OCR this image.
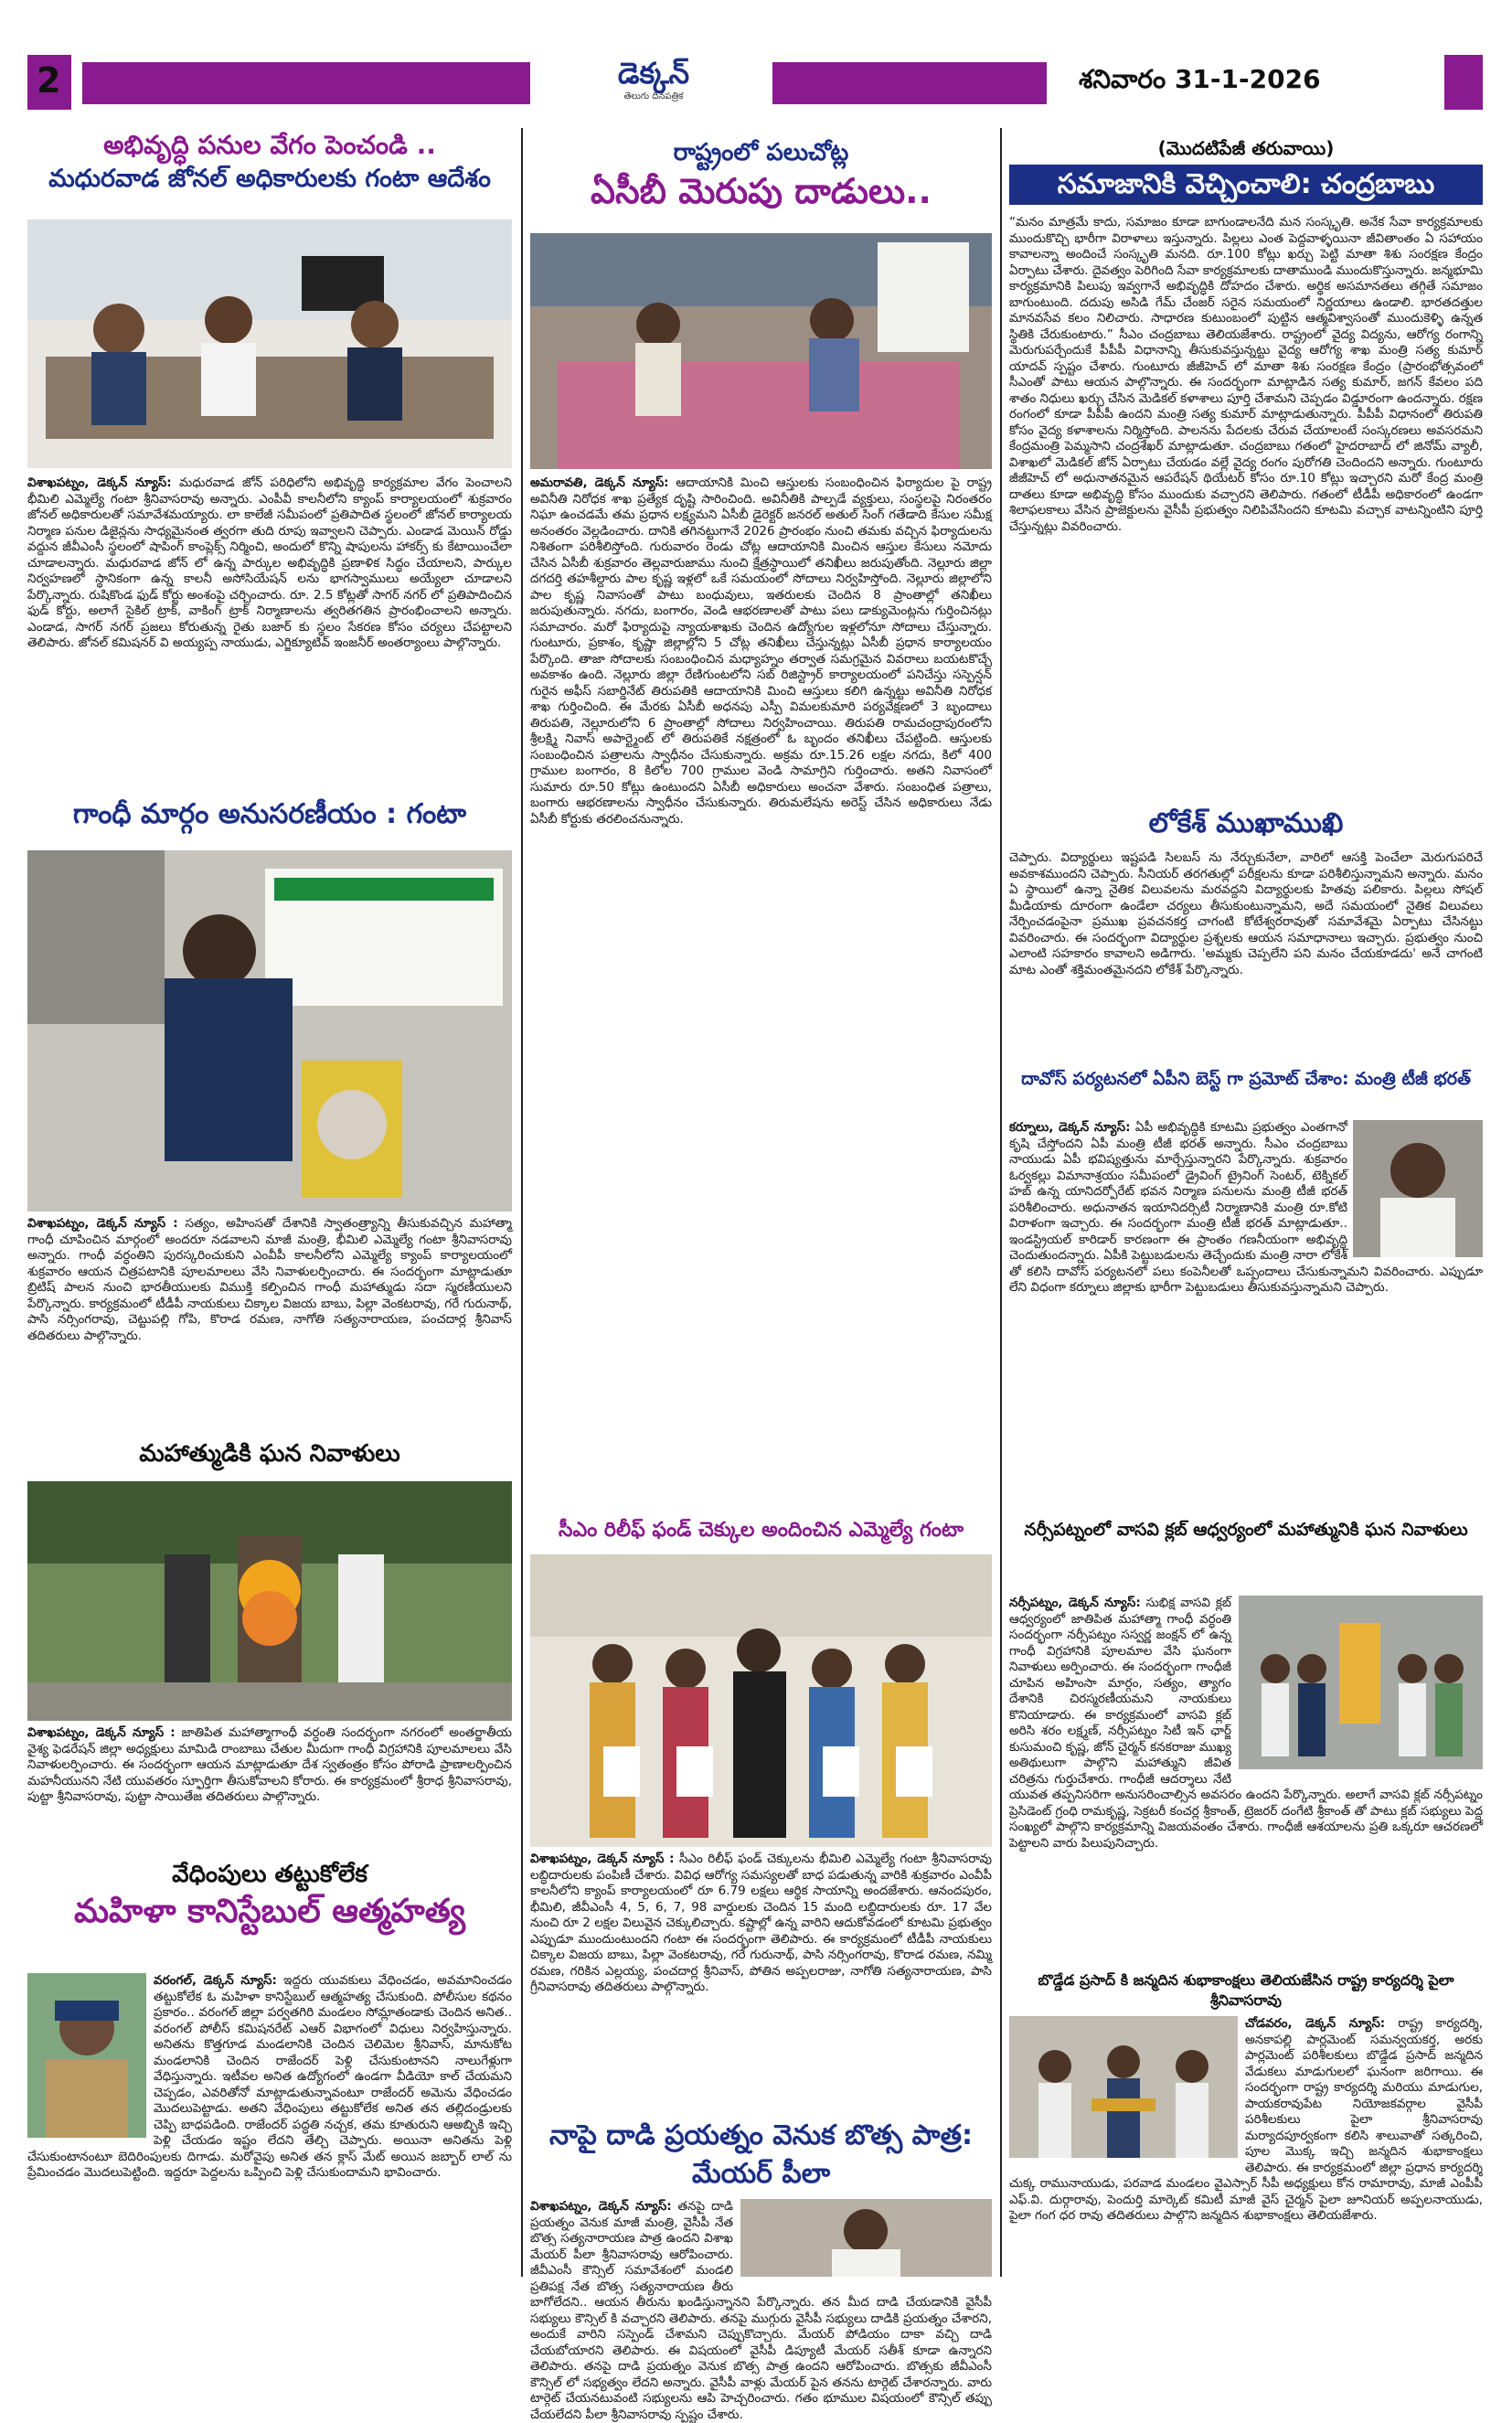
2	డెక్కన్
తెలుగు దినపత్రిక
శనివారం 31-1-2026
అభివృద్ధి పనుల వేగం పెంచండి ..
మధురవాడ జోనల్ అధికారులకు గంటా ఆదేశం
విశాఖపట్నం, డెక్కన్ న్యూస్: మధురవాడ జోన్ పరిధిలోని అభివృద్ధి కార్యక్రమాల వేగం పెంచాలని భీమిలి ఎమ్మెల్యే గంటా శ్రీనివాసరావు అన్నారు. ఎంపీవీ కాలనీలోని క్యాంప్ కార్యాలయంలో శుక్రవారం జోనల్ అధికారులతో సమావేశమయ్యారు. లా కాలేజీ సమీపంలో ప్రతిపాదిత స్థలంలో జోనల్ కార్యాలయ నిర్మాణ పనుల డిజైన్లను సాధ్యమైనంత త్వరగా తుది రూపు ఇవ్వాలని చెప్పారు. ఎండాడ మెయిన్ రోడ్డు వద్దున జీవీఎంసీ స్థలంలో షాపింగ్ కాంప్లెక్స్ నిర్మించి, అందులో కొన్ని షాపులను హాకర్స్ కు కేటాయించేలా చూడాలన్నారు. మధురవాడ జోన్ లో ఉన్న పార్కుల అభివృద్ధికి ప్రణాళిక సిద్ధం చేయాలని, పార్కుల నిర్వహణలో స్థానికంగా ఉన్న కాలనీ అసోసియేషన్ లను భాగస్వాములు అయ్యేలా చూడాలని పేర్కొన్నారు. రుషికొండ ఫుడ్ కోర్టు అంశంపై చర్చించారు. రూ. 2.5 కోట్లతో సాగర్ నగర్ లో ప్రతిపాదించిన ఫుడ్ కోర్టు, అలాగే సైకిల్ ట్రాక్, వాకింగ్ ట్రాక్ నిర్మాణాలను త్వరితగతిన ప్రారంభించాలని అన్నారు. ఎండాడ, సాగర్ నగర్ ప్రజలు కోరుతున్న రైతు బజార్ కు స్థలం సేకరణ కోసం చర్యలు చేపట్టాలని తెలిపారు. జోనల్ కమిషనర్ వి అయ్యప్ప నాయుడు, ఎగ్జిక్యూటివ్ ఇంజనీర్ అంతర్యాంలు పాల్గొన్నారు.
గాంధీ మార్గం అనుసరణీయం : గంటా
విశాఖపట్నం, డెక్కన్ న్యూస్ : సత్యం, అహింసతో దేశానికి స్వాతంత్ర్యాన్ని తీసుకువచ్చిన మహాత్మా గాంధీ చూపించిన మార్గంలో అందరూ నడవాలని మాజీ మంత్రి, భీమిలి ఎమ్మెల్యే గంటా శ్రీనివాసరావు అన్నారు. గాంధీ వర్ధంతిని పురస్కరించుకుని ఎంవీపీ కాలనీలోని ఎమ్మెల్యే క్యాంప్ కార్యాలయంలో శుక్రవారం ఆయన చిత్రపటానికి పూలమాలలు వేసి నివాళులర్పించారు. ఈ సందర్భంగా మాట్లాడుతూ బ్రిటిష్ పాలన నుంచి భారతీయులకు విముక్తి కల్పించిన గాంధీ మహాత్ముడు సదా స్మరణీయులని పేర్కొన్నారు. కార్యక్రమంలో టీడీపీ నాయకులు చిక్కాల విజయ బాబు, పిల్లా వెంకటరావు, గరే గురునాథ్, పాసి నర్సింగరావు, చెట్టుపల్లి గోపి, కొరాడ రమణ, నాగోతి సత్యనారాయణ, పంచదార్ల శ్రీనివాస్ తదితరులు పాల్గొన్నారు.
మహాత్ముడికి ఘన నివాళులు
విశాఖపట్నం, డెక్కన్ న్యూస్ : జాతిపిత మహాత్మాగాంధీ వర్ధంతి సందర్భంగా నగరంలో అంతర్జాతీయ వైశ్య ఫెడరేషన్ జిల్లా అధ్యక్షులు మామిడి రాంబాబు చేతుల మీదుగా గాంధీ విగ్రహానికి పూలమాలలు వేసి నివాళులర్పించారు. ఈ సందర్భంగా ఆయన మాట్లాడుతూ దేశ స్వతంత్రం కోసం పోరాడి ప్రాణాలర్పించిన మహనీయునని నేటి యువతరం స్ఫూర్తిగా తీసుకోవాలని కోరారు. ఈ కార్యక్రమంలో శ్రీరాధ శ్రీనివాసరావు, పుట్టా శ్రీనివాసరావు, పుట్టా సాయితేజ తదితరులు పాల్గొన్నారు.
వేధింపులు తట్టుకోలేక
మహిళా కానిస్టేబుల్ ఆత్మహత్య
వరంగల్, డెక్కన్ న్యూస్: ఇద్దరు యువకులు వేధించడం, అవమానించడం తట్టుకోలేక ఓ మహిళా కానిస్టేబుల్ ఆత్మహత్య చేసుకుంది. పోలీసుల కథనం ప్రకారం.. వరంగల్ జిల్లా పర్వతగిరి మండలం సోమ్లాతండాకు చెందిన అనిత.. వరంగల్ పోలీస్ కమిషనరేట్ ఎఆర్ విభాగంలో విధులు నిర్వహిస్తున్నారు. అనితను కొత్తగూడ మండలానికి చెందిన చెలిమెల శ్రీనివాస్, మానుకోట మండలానికి చెందిన రాజేందర్ పెళ్లి చేసుకుంటానని నాలుగేళ్లుగా వేధిస్తున్నారు. ఇటీవల అనిత ఉద్యోగంలో ఉండగా వీడియో కాల్ చేయమని చెప్పడం, ఎవరితోనో మాట్లాడుతున్నావంటూ రాజేందర్ అమెను వేధించడం మొదలుపెట్టాడు. అతని వేధింపులు తట్టుకోలేక అనిత తన తల్లిదండ్రులకు చెప్పి బాధపడింది. రాజేందర్ పద్ధతి నచ్చక, తమ కూతురుని ఆఅబ్బికి ఇచ్చి పెళ్లి చేయడం ఇష్టం లేదని తేల్చి చెప్పారు. అయినా అనితను పెళ్లి చేసుకుంటానంటూ బెదిరింపులకు దిగాడు. మరోవైపు అనిత తన క్లాస్ మేట్ అయిన జబ్బార్ లాల్ ను ప్రేమించడం మొదలుపెట్టింది. ఇద్దరూ పెద్దలను ఒప్పించి పెళ్లి చేసుకుందామని భావించారు.
రాష్ట్రంలో పలుచోట్ల
ఏసీబీ మెరుపు దాడులు..
అమరావతి, డెక్కన్ న్యూస్: ఆదాయానికి మించి ఆస్తులకు సంబంధించిన ఫిర్యాదుల పై రాష్ట్ర అవినీతి నిరోధక శాఖ ప్రత్యేక దృష్టి సారించింది. అవినీతికి పాల్పడే వ్యక్తులు, సంస్థలపై నిరంతరం నిఘా ఉంచడమే తమ ప్రధాన లక్ష్యమని ఏసీబీ డైరెక్టర్ జనరల్ అతుల్ సింగ్ గతేడాది కేసుల సమీక్ష అనంతరం వెల్లడించారు. దానికి తగినట్టుగానే 2026 ప్రారంభం నుంచి తమకు వచ్చిన ఫిర్యాదులను నిశితంగా పరిశీలిస్తోంది. గురువారం రెండు చోట్ల ఆదాయానికి మించిన ఆస్తుల కేసులు నమోదు చేసిన ఏసీబీ శుక్రవారం తెల్లవారుజాము నుంచి క్షేత్రస్థాయిలో తనిఖీలు జరుపుతోంది. నెల్లూరు జిల్లా దగదర్తి తహశీల్దారు పాల కృష్ణ ఇళ్లలో ఒకే సమయంలో సోదాలు నిర్వహిస్తోంది. నెల్లూరు జిల్లాలోని పాల కృష్ణ నివాసంతో పాటు బంధువులు, ఇతరులకు చెందిన 8 ప్రాంతాల్లో తనిఖీలు జరుపుతున్నారు. నగదు, బంగారం, వెండి ఆభరణాలతో పాటు పలు డాక్యుమెంట్లను గుర్తించినట్లు సమాచారం. మరో ఫిర్యాదుపై న్యాయశాఖకు చెందిన ఉద్యోగుల ఇళ్లలోనూ సోదాలు చేస్తున్నారు. గుంటూరు, ప్రకాశం, కృష్ణా జిల్లాల్లోని 5 చోట్ల తనిఖీలు చేస్తున్నట్లు ఏసీబీ ప్రధాన కార్యాలయం పేర్కొంది. తాజా సోదాలకు సంబంధించిన మధ్యాహ్నం తర్వాత సమగ్రమైన వివరాలు బయటకొచ్చే అవకాశం ఉంది. నెల్లూరు జిల్లా రేణిగుంటలోని సబ్ రిజిస్ట్రార్ కార్యాలయంలో పనిచేస్తు సస్పెన్షన్ గురైన అఫీస్ సబార్డినేట్ తిరుపతికి ఆదాయానికి మించి ఆస్తులు కలిగి ఉన్నట్టు అవినీతి నిరోధక శాఖ గుర్తించింది. ఈ మేరకు ఏసీబీ అధనపు ఎస్పీ విమలకుమారి పర్యవేక్షణలో 3 బృందాలు తిరుపతి, నెల్లూరులోని 6 ప్రాంతాల్లో సోదాలు నిర్వహించాయి. తిరుపతి రామచంద్రాపురంలోని శ్రీలక్ష్మి నివాస్ అపార్ట్మెంట్ లో తిరుపతికే నక్షత్రంలో ఓ బృందం తనిఖీలు చేపట్టింది. ఆస్తులకు సంబంధించిన పత్రాలను స్వాధీనం చేసుకున్నారు. అక్రమ రూ.15.26 లక్షల నగదు, కిలో 400 గ్రాముల బంగారం, 8 కిలోల 700 గ్రాముల వెండి సామాగ్రిని గుర్తించారు. అతని నివాసంలో సుమారు రూ.50 కోట్లు ఉంటుందని ఏసీబీ అధికారులు అంచనా వేశారు. సంబంధిత పత్రాలు, బంగారు ఆభరణాలను స్వాధీనం చేసుకున్నారు. తిరుమలేషను అరెస్ట్ చేసిన అధికారులు నేడు ఏసీబీ కోర్టుకు తరలించనున్నారు.
సీఎం రిలీఫ్ ఫండ్ చెక్కుల అందించిన ఎమ్మెల్యే గంటా
విశాఖపట్నం, డెక్కన్ న్యూస్ : సీఎం రిలీఫ్ ఫండ్ చెక్కులను భీమిలి ఎమ్మెల్యే గంటా శ్రీనివాసరావు లబ్ధిదారులకు పంపిణీ చేశారు. వివిధ ఆరోగ్య సమస్యలతో బాధ పడుతున్న వారికి శుక్రవారం ఎంవీపీ కాలనీలోని క్యాంప్ కార్యాలయంలో రూ 6.79 లక్షలు ఆర్థిక సాయాన్ని అందజేశారు. ఆనందపురం, భీమిలి, జీవీఎంసీ 4, 5, 6, 7, 98 వార్డులకు చెందిన 15 మంది లబ్ధిదారులకు రూ. 17 వేల నుంచి రూ 2 లక్షల విలువైన చెక్కులిచ్చారు. కష్టాల్లో ఉన్న వారిని ఆదుకోవడంలో కూటమి ప్రభుత్వం ఎప్పుడూ ముందుంటుందని గంటా ఈ సందర్భంగా తెలిపారు. ఈ కార్యక్రమంలో టీడీపీ నాయకులు చిక్కాల విజయ బాబు, పిల్లా వెంకటరావు, గరే గురునాథ్, పాసి నర్సింగరావు, కొరాడ రమణ, నమ్మి రమణ, గరికిన ఎల్లయ్య, పంచదార్ల శ్రీనివాస్, పోతిన అప్పలరాజు, నాగోతి సత్యనారాయణ, పాసి గ్రీనివాసరావు తదితరులు పాల్గొన్నారు.
నాపై దాడి ప్రయత్నం వెనుక బొత్స పాత్ర: మేయర్ పీలా
విశాఖపట్నం, డెక్కన్ న్యూస్: తనపై దాడి ప్రయత్నం వెనుక మాజీ మంత్రి, వైసీపీ నేత బొత్స సత్యనారాయణ పాత్ర ఉందని విశాఖ మేయర్ పీలా శ్రీనివాసరావు ఆరోపించారు. జీవీఎంసీ కౌన్సిల్ సమావేశంలో మండలి ప్రతిపక్ష నేత బొత్స సత్యనారాయణ తీరు బాగోలేదని.. ఆయన తీరును ఖండిస్తున్నానని పేర్కొన్నారు. తన మీద దాడి చేయడానికి వైసీపీ సభ్యులు కౌన్సిల్ కి వచ్చారని తెలిపారు. తనపై ముగ్గురు వైసీపీ సభ్యులు దాడికి ప్రయత్నం చేశారని, అందుకే వారిని సస్పెండ్ చేశామని చెప్పుకొచ్చారు. మేయర్ పోడియం దాకా వచ్చి దాడి చేయబోయారని తెలిపారు. ఈ విషయంలో వైసీపీ డిప్యూటీ మేయర్ సతీశ్ కూడా ఉన్నారని తెలిపారు. తనపై దాడి ప్రయత్నం వెనుక బొత్స పాత్ర ఉందని ఆరోపించారు. బొత్సకు జీవీఎంసీ కౌన్సిల్ లో సభ్యత్వం లేదని అన్నారు. వైసీపీ వాళ్లు మేయర్ పైన తనను టార్గెట్ చేశారన్నారు. వారు టార్గెట్ చేయనటువంటి సభ్యులను ఆపి హెచ్చరించారు. గతం భూముల విషయంలో కౌన్సిల్ తప్పు చేయలేదని పీలా శ్రీనివాసరావు స్పష్టం చేశారు.
(మొదటిపేజీ తరువాయి)
సమాజానికి వెచ్చించాలి: చంద్రబాబు
“మనం మాత్రమే కాదు, సమాజం కూడా బాగుండాలనేది మన సంస్కృతి. అనేక సేవా కార్యక్రమాలకు ముందుకొచ్చి భారీగా విరాళాలు ఇస్తున్నారు. పిల్లలు ఎంత పెద్దవాళ్ళయినా జీవితాంతం ఏ సహాయం కావాలన్నా అందించే సంస్కృతి మనది. రూ.100 కోట్లు ఖర్చు పెట్టి మాతా శిశు సంరక్షణ కేంద్రం ఏర్పాటు చేశారు. దైవత్వం పెరిగింది సేవా కార్యక్రమాలకు దాతాముండి ముందుకొస్తున్నారు. జన్మభూమి కార్యక్రమానికి పిలుపు ఇవ్వగానే అభివృద్ధికి దోహదం చేశారు. అర్థిక అసమానతలు తగ్గితే సమాజం బాగుంటుంది. దదుపు అసిడి గేమ్ చేంజర్ సరైన సమయంలో నిర్ణయాలు ఉండాలి. భారతదత్తుల మానవసేవ కలం నిలిచారు. సాధారణ కుటుంబంలో పుట్టిన ఆత్మవిశ్వాసంతో ముందుకెళ్ళి ఉన్నత స్థితికి చేరుకుంటారు.” సీఎం చంద్రబాబు తెలియజేశారు. రాష్ట్రంలో వైద్య విద్యను, ఆరోగ్య రంగాన్ని మెరుగుపర్చేందుకే పీపీపీ విధానాన్ని తీసుకువస్తున్నట్టు వైద్య ఆరోగ్య శాఖ మంత్రి సత్య కుమార్ యాదవ్ స్పష్టం చేశారు. గుంటూరు జీజీహెచ్ లో మాతా శిశు సంరక్షణ కేంద్రం (ప్రారంభోత్సవంలో సీఎంతో పాటు ఆయన పాల్గొన్నారు. ఈ సందర్భంగా మాట్లాడిన సత్య కుమార్, జగన్ కేవలం పది శాతం నిధులు ఖర్చు చేసిన మెడికల్ కళాశాలు పూర్తి చేశామని చెప్పడం విడ్డూరంగా ఉందన్నారు. రక్షణ రంగంలో కూడా పీపీపీ ఉందని మంత్రి సత్య కుమార్ మాట్లాడుతున్నారు. పీపీపీ విధానంలో తిరుపతి కోసం వైద్య కళాశాలను నిర్మిస్తోంది. పాలనను పేదలకు చేరువ చేయాలంటే సంస్కరణలు అవసరమని కేంద్రమంత్రి పెమ్మసాని చంద్రశేఖర్ మాట్లాడుతూ. చంద్రబాబు గతంలో హైదరాబాద్ లో జినోమ్ వ్యాలీ, విశాఖలో మెడికల్ జోన్ ఏర్పాటు చేయడం వల్లే వైద్య రంగం పురోగతి చెందిందని అన్నారు. గుంటూరు జీజీహెచ్ లో అధునాతనమైన ఆపరేషన్ థియేటర్ కోసం రూ.10 కోట్లు ఇచ్చారని మరో కేంద్ర మంత్రి దాతలు కూడా అభివృద్ధి కోసం ముందుకు వచ్చారని తెలిపారు. గతంలో టీడీపీ అధికారంలో ఉండగా శిలాఫలకాలు వేసిన ప్రాజెక్టులను వైసీపీ ప్రభుత్వం నిలిపివేసిందని కూటమి వచ్చాక వాటన్నింటిని పూర్తి చేస్తున్నట్లు వివరించారు.
లోకేశ్ ముఖాముఖి
చెప్పారు. విద్యార్థులు ఇష్టపడి సిలబస్ ను నేర్చుకునేలా, వారిలో ఆసక్తి పెంచేలా మెరుగుపరిచే అవకాశముందని చెప్పారు. సీనియర్ తరగతుల్లో పరీక్షలను కూడా పరిశీలిస్తున్నామని అన్నారు. మనం ఏ స్థాయిలో ఉన్నా నైతిక విలువలను మరవద్దని విద్యార్థులకు హితవు పలికారు. పిల్లలు సోషల్ మీడియాకు దూరంగా ఉండేలా చర్యలు తీసుకుంటున్నామని, అదే సమయంలో నైతిక విలువలు నేర్పించడంపైనా ప్రముఖ ప్రవచనకర్త చాగంటి కోటేశ్వరరావుతో సమావేశమై ఏర్పాటు చేసినట్టు వివరించారు. ఈ సందర్భంగా విద్యార్థుల ప్రశ్నలకు ఆయన సమాధానాలు ఇచ్చారు. ప్రభుత్వం నుంచి ఎలాంటి సహకారం కావాలని అడిగారు. 'అమ్మకు చెప్పలేని పని మనం చేయకూడదు' అనే చాగంటి మాట ఎంతో శక్తిమంతమైనదని లోకేశ్ పేర్కొన్నారు.
దావోస్ పర్యటనలో ఏపీని బెస్ట్ గా ప్రమోట్ చేశాం: మంత్రి టీజీ భరత్
కర్నూలు, డెక్కన్ న్యూస్: ఏపీ అభివృద్ధికి కూటమి ప్రభుత్వం ఎంతగానో కృషి చేస్తోందని ఏపీ మంత్రి టీజీ భరత్ అన్నారు. సీఎం చంద్రబాబు నాయుడు ఏపీ భవిష్యత్తును మార్చేస్తున్నారని పేర్కొన్నారు. శుక్రవారం ఓర్వకల్లు విమానాశ్రయం సమీపంలో డ్రైవింగ్ ట్రైనింగ్ సెంటర్, టెక్నికల్ హబ్ ఉన్న యానిదర్పోరేట్ భవన నిర్మాణ పనులను మంత్రి టీజీ భరత్ పరిశీలించారు. అధునాతన ఇయానిదర్సిటీ నిర్మాణానికి మంత్రి రూ.కోటి విరాళంగా ఇచ్చారు. ఈ సందర్భంగా మంత్రి టీజీ భరత్ మాట్లాడుతూ.. ఇండస్ట్రియల్ కారిడార్ కారణంగా ఈ ప్రాంతం గణనీయంగా అభివృద్ధి చెందుతుందన్నారు. ఏపీకి పెట్టుబడులను తెచ్చేందుకు మంత్రి నారా లోకేశ్ తో కలిసి దావోస్ పర్యటనలో పలు కంపెనీలతో ఒప్పందాలు చేసుకున్నామని వివరించారు. ఎప్పుడూ లేని విధంగా కర్నూలు జిల్లాకు భారీగా పెట్టుబడులు తీసుకువస్తున్నామని చెప్పారు.
నర్సీపట్నంలో వాసవి క్లబ్ ఆధ్వర్యంలో మహాత్మునికి ఘన నివాళులు
నర్సీపట్నం, డెక్కన్ న్యూస్: సుభిక్ష వాసవి క్లబ్ ఆధ్వర్యంలో జాతిపిత మహాత్మా గాంధీ వర్ధంతి సందర్భంగా నర్సీపట్నం సస్వర్ణ జంక్షన్ లో ఉన్న గాంధీ విగ్రహానికి పూలమాల వేసి ఘనంగా నివాళులు అర్పించారు. ఈ సందర్భంగా గాంధీజీ చూపిన అహింసా మార్గం, సత్యం, త్యాగం దేశానికి చిరస్మరణీయమని నాయకులు కొనియాడారు. ఈ కార్యక్రమంలో వాసవి క్లబ్ అరిసి శరం లక్ష్మణ్, నర్సీపట్నం సిటీ ఇన్ ఛార్జ్ కుసుమంచి కృష్ణ, జోన్ చైర్మన్ కనకరాజు ముఖ్య అతిథులుగా పాల్గొని మహాత్ముని జీవిత చరిత్రను గుర్తుచేశారు. గాంధీజీ ఆదర్శాలు నేటి యువత తప్పనిసరిగా అనుసరించాల్సిన అవసరం ఉందని పేర్కొన్నారు. అలాగే వాసవి క్లబ్ నర్సీపట్నం ప్రెసిడెంట్ గ్రంధి రామకృష్ణ, సెక్రటరీ కంచర్ల శ్రీకాంత్, ట్రెజరర్ దంగేటి శ్రీకాంత్ తో పాటు క్లబ్ సభ్యులు పెద్ద సంఖ్యలో పాల్గొని కార్యక్రమాన్ని విజయవంతం చేశారు. గాంధీజీ ఆశయాలను ప్రతి ఒక్కరూ ఆచరణలో పెట్టాలని వారు పిలుపునిచ్చారు.
బొడ్డేడ ప్రసాద్ కి జన్మదిన శుభాకాంక్షలు తెలియజేసిన రాష్ట్ర కార్యదర్శి పైలా శ్రీనివాసరావు
చోడవరం, డెక్కన్ న్యూస్: రాష్ట్ర కార్యదర్శి, అనకాపల్లి పార్లమెంట్ సమన్వయకర్త, అరకు పార్లమెంట్ పరిశీలకులు బొడ్డేడ ప్రసాద్ జన్మదిన వేడుకలు మాడుగులలో ఘనంగా జరిగాయి. ఈ సందర్భంగా రాష్ట్ర కార్యదర్శి మరియు మాడుగుల, పాయకరావుపేట నియోజకవర్గాల వైసీపీ పరిశీలకులు పైలా శ్రీనివాసరావు మర్యాదపూర్వకంగా కలిసి శాలువాతో సత్కరించి, పూల మొక్క ఇచ్చి జన్మదిన శుభాకాంక్షలు తెలిపారు. ఈ కార్యక్రమంలో జిల్లా ప్రధాన కార్యదర్శి చుక్క రామునాయుడు, పరవాడ మండలం వైఎస్సార్ సీపీ అధ్యక్షులు కోన రామారావు, మాజీ ఎంపీపీ ఎఫ్.వి. దుర్గారావు, పెందుర్తి మార్కెట్ కమిటీ మాజీ వైస్ చైర్మన్ పైలా జూనియర్ అప్పలనాయుడు, పైలా గంగ ధర రావు తదితరులు పాల్గొని జన్మదిన శుభాకాంక్షలు తెలియజేశారు.
